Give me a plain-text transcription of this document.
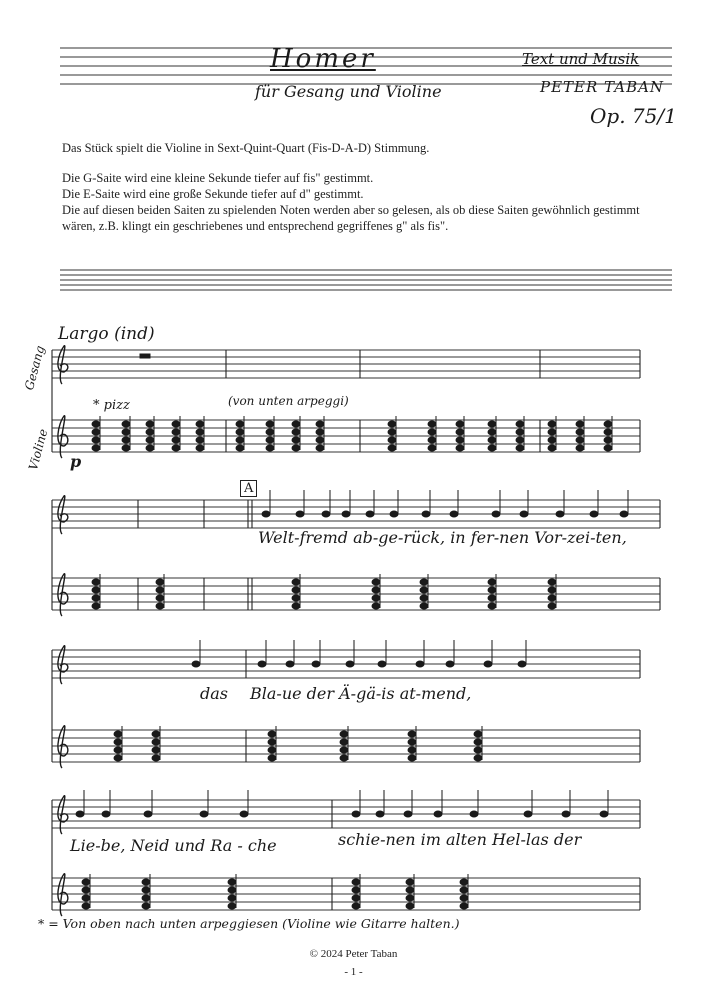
Homer
für Gesang und Violine
Text und Musik
PETER TABAN
Op. 75/1

Das Stück spielt die Violine in Sext-Quint-Quart (Fis-D-A-D) Stimmung.

Die G-Saite wird eine kleine Sekunde tiefer auf fis" gestimmt.

Die E-Saite wird eine große Sekunde tiefer auf d" gestimmt.

Die auf diesen beiden Saiten zu spielenden Noten werden aber so gelesen, als ob diese Saiten gewöhnlich gestimmt wären, z.B. klingt ein geschriebenes und entsprechend gegriffenes g" als fis".

Largo (ind)
Gesang
Violine
* pizz	(von unten arpeggi)
p
A
Welt-fremd ab-ge-rück, in fer-nen Vor-zei-ten,
das Bla-ue der Ä-gä-is at-mend,
Lie-be, Neid und Ra - che	schie-nen im alten Hel-las der
* = Von oben nach unten arpeggiesen (Violine wie Gitarre halten.)
© 2024 Peter Taban
- 1 -
